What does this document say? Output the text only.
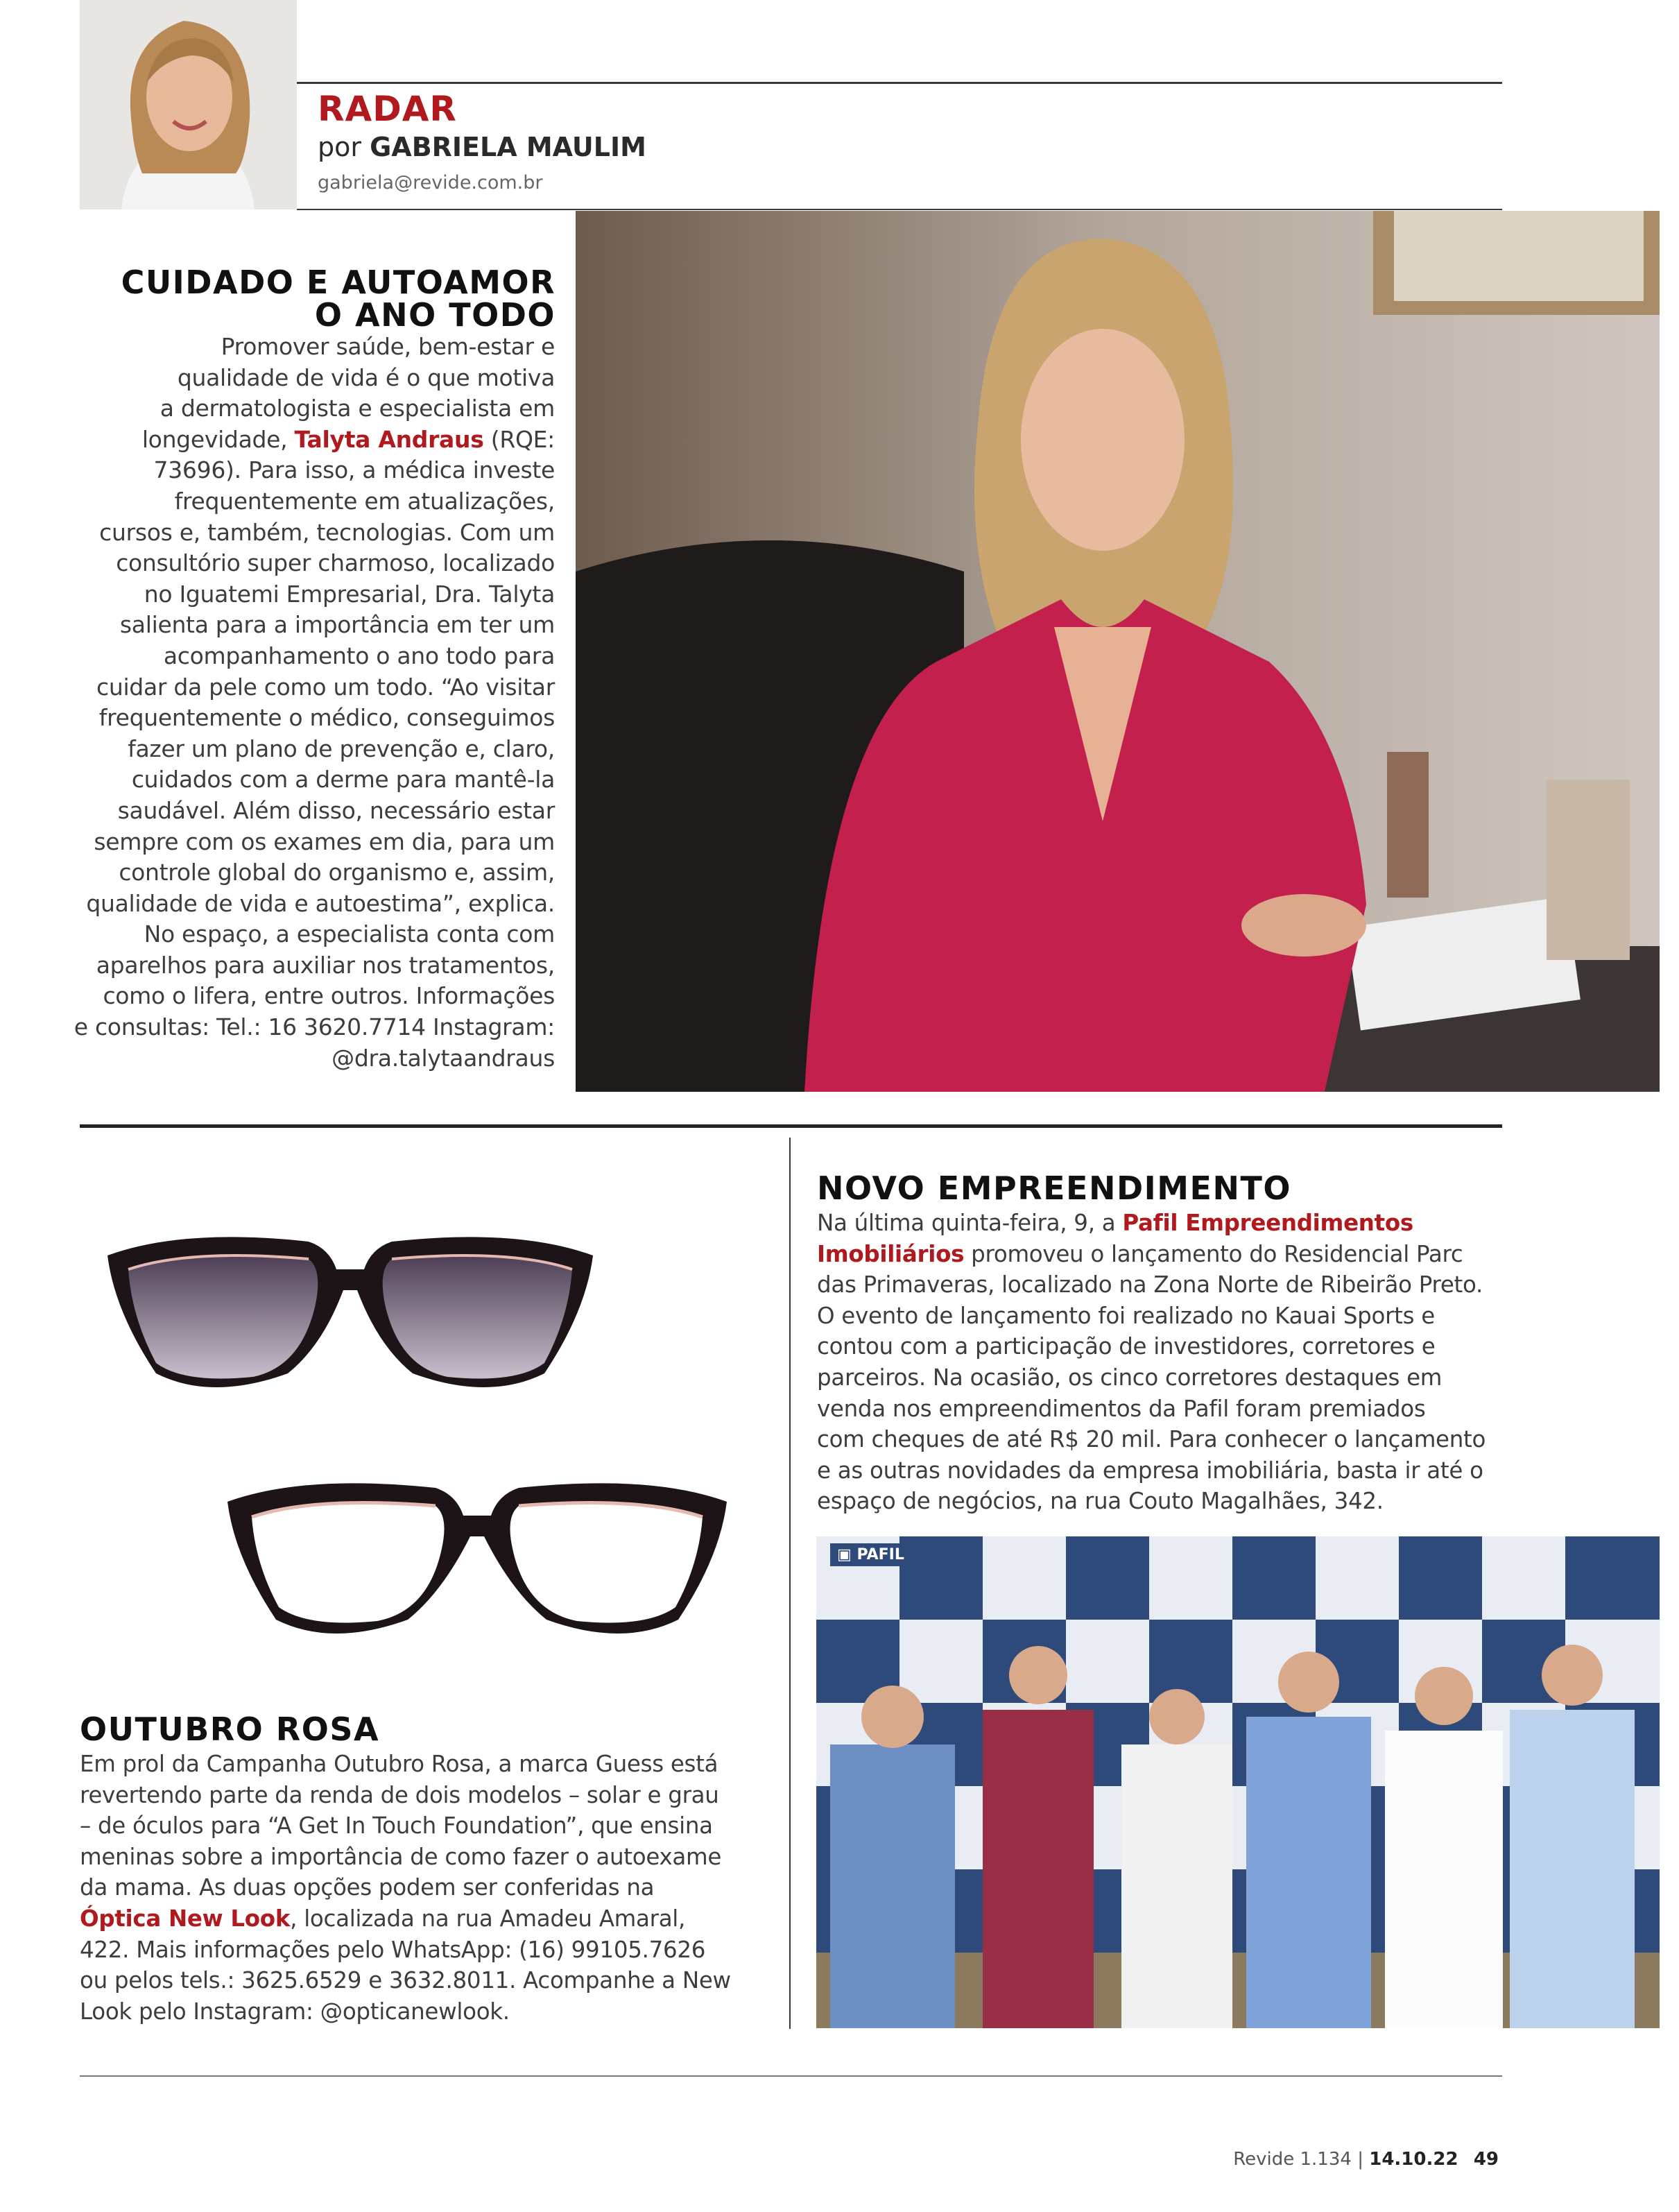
RADAR
por GABRIELA MAULIM
gabriela@revide.com.br
CUIDADO E AUTOAMOR
O ANO TODO
Promover saúde, bem-estar e
qualidade de vida é o que motiva
a dermatologista e especialista em
longevidade, Talyta Andraus (RQE:
73696). Para isso, a médica investe
frequentemente em atualizações,
cursos e, também, tecnologias. Com um
consultório super charmoso, localizado
no Iguatemi Empresarial, Dra. Talyta
salienta para a importância em ter um
acompanhamento o ano todo para
cuidar da pele como um todo. “Ao visitar
frequentemente o médico, conseguimos
fazer um plano de prevenção e, claro,
cuidados com a derme para mantê-la
saudável. Além disso, necessário estar
sempre com os exames em dia, para um
controle global do organismo e, assim,
qualidade de vida e autoestima”, explica.
No espaço, a especialista conta com
aparelhos para auxiliar nos tratamentos,
como o lifera, entre outros. Informações
e consultas: Tel.: 16 3620.7714 Instagram:
@dra.talytaandraus
OUTUBRO ROSA
Em prol da Campanha Outubro Rosa, a marca Guess está
revertendo parte da renda de dois modelos – solar e grau
– de óculos para “A Get In Touch Foundation”, que ensina
meninas sobre a importância de como fazer o autoexame
da mama. As duas opções podem ser conferidas na
Óptica New Look, localizada na rua Amadeu Amaral,
422. Mais informações pelo WhatsApp: (16) 99105.7626
ou pelos tels.: 3625.6529 e 3632.8011. Acompanhe a New
Look pelo Instagram: @opticanewlook.
NOVO EMPREENDIMENTO
Na última quinta-feira, 9, a Pafil Empreendimentos
Imobiliários promoveu o lançamento do Residencial Parc
das Primaveras, localizado na Zona Norte de Ribeirão Preto.
O evento de lançamento foi realizado no Kauai Sports e
contou com a participação de investidores, corretores e
parceiros. Na ocasião, os cinco corretores destaques em
venda nos empreendimentos da Pafil foram premiados
com cheques de até R$ 20 mil. Para conhecer o lançamento
e as outras novidades da empresa imobiliária, basta ir até o
espaço de negócios, na rua Couto Magalhães, 342.
▣ PAFIL
Revide 1.134 | 14.10.22 49
